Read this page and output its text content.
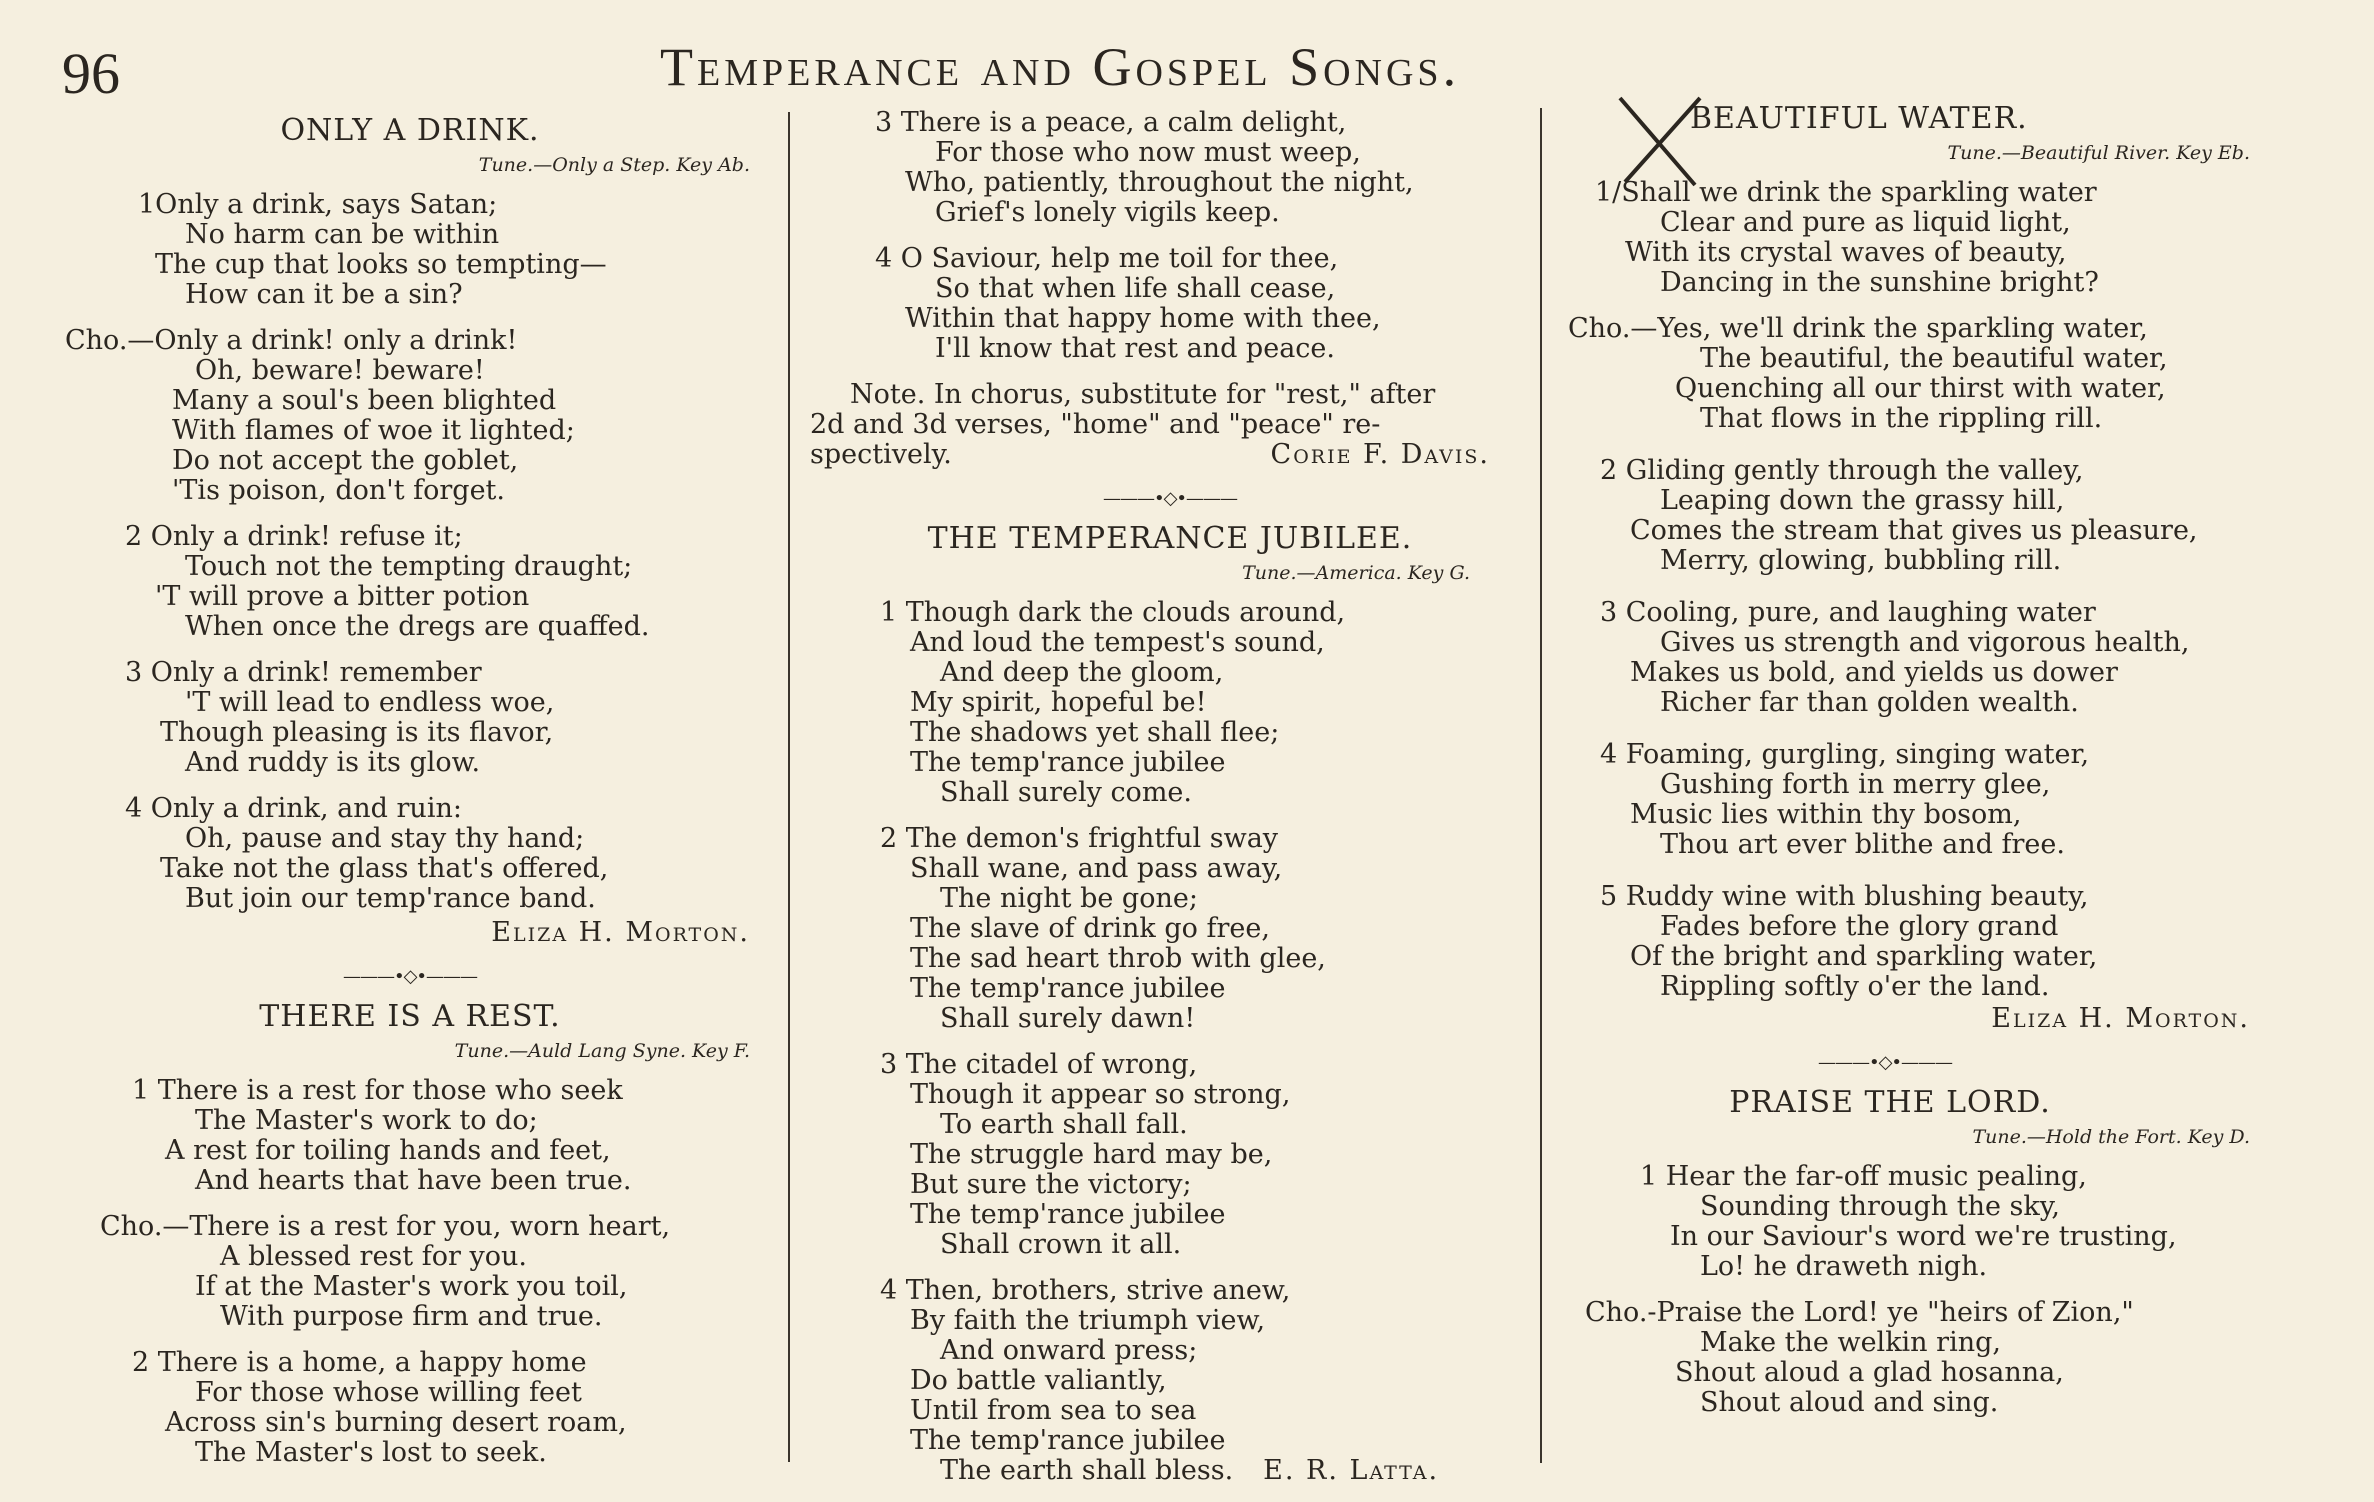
96	Temperance and Gospel Songs.
ONLY A DRINK.
Tune.—Only a Step. Key Ab.
1Only a drink, says Satan;
No harm can be within
The cup that looks so tempting—
How can it be a sin?
Cho.—Only a drink! only a drink!
Oh, beware! beware!
Many a soul's been blighted
With flames of woe it lighted;
Do not accept the goblet,
'Tis poison, don't forget.
2 Only a drink! refuse it;
Touch not the tempting draught;
'T will prove a bitter potion
When once the dregs are quaffed.
3 Only a drink! remember
'T will lead to endless woe,
Though pleasing is its flavor,
And ruddy is its glow.
4 Only a drink, and ruin:
Oh, pause and stay thy hand;
Take not the glass that's offered,
But join our temp'rance band.
Eliza H. Morton.
———•◇•———
THERE IS A REST.
Tune.—Auld Lang Syne. Key F.
1 There is a rest for those who seek
The Master's work to do;
A rest for toiling hands and feet,
And hearts that have been true.
Cho.—There is a rest for you, worn heart,
A blessed rest for you.
If at the Master's work you toil,
With purpose firm and true.
2 There is a home, a happy home
For those whose willing feet
Across sin's burning desert roam,
The Master's lost to seek.
3 There is a peace, a calm delight,
For those who now must weep,
Who, patiently, throughout the night,
Grief's lonely vigils keep.
4 O Saviour, help me toil for thee,
So that when life shall cease,
Within that happy home with thee,
I'll know that rest and peace.
Note. In chorus, substitute for "rest," after
2d and 3d verses, "home" and "peace" re-
spectively.	Corie F. Davis.
———•◇•———
THE TEMPERANCE JUBILEE.
Tune.—America. Key G.
1 Though dark the clouds around,
And loud the tempest's sound,
And deep the gloom,
My spirit, hopeful be!
The shadows yet shall flee;
The temp'rance jubilee
Shall surely come.
2 The demon's frightful sway
Shall wane, and pass away,
The night be gone;
The slave of drink go free,
The sad heart throb with glee,
The temp'rance jubilee
Shall surely dawn!
3 The citadel of wrong,
Though it appear so strong,
To earth shall fall.
The struggle hard may be,
But sure the victory;
The temp'rance jubilee
Shall crown it all.
4 Then, brothers, strive anew,
By faith the triumph view,
And onward press;
Do battle valiantly,
Until from sea to sea
The temp'rance jubilee
The earth shall bless. E. R. Latta.
BEAUTIFUL WATER.
Tune.—Beautiful River. Key Eb.
1/Shall we drink the sparkling water
Clear and pure as liquid light,
With its crystal waves of beauty,
Dancing in the sunshine bright?
Cho.—Yes, we'll drink the sparkling water,
The beautiful, the beautiful water,
Quenching all our thirst with water,
That flows in the rippling rill.
2 Gliding gently through the valley,
Leaping down the grassy hill,
Comes the stream that gives us pleasure,
Merry, glowing, bubbling rill.
3 Cooling, pure, and laughing water
Gives us strength and vigorous health,
Makes us bold, and yields us dower
Richer far than golden wealth.
4 Foaming, gurgling, singing water,
Gushing forth in merry glee,
Music lies within thy bosom,
Thou art ever blithe and free.
5 Ruddy wine with blushing beauty,
Fades before the glory grand
Of the bright and sparkling water,
Rippling softly o'er the land.
Eliza H. Morton.
———•◇•———
PRAISE THE LORD.
Tune.—Hold the Fort. Key D.
1 Hear the far-off music pealing,
Sounding through the sky,
In our Saviour's word we're trusting,
Lo! he draweth nigh.
Cho.-Praise the Lord! ye "heirs of Zion,"
Make the welkin ring,
Shout aloud a glad hosanna,
Shout aloud and sing.
